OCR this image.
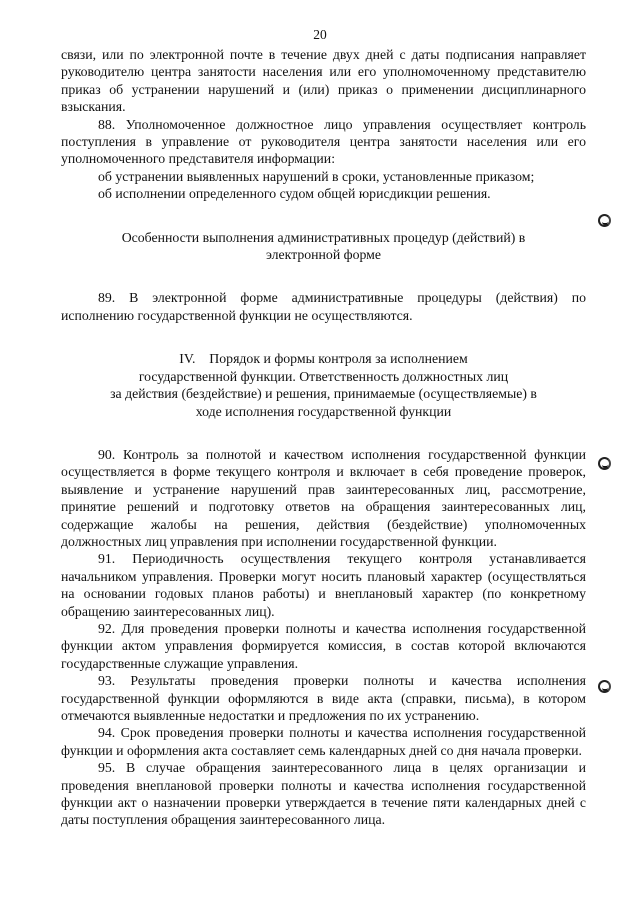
20

связи, или по электронной почте в течение двух дней с даты подписания направляет руководителю центра занятости населения или его уполномоченному представителю приказ об устранении нарушений и (или) приказ о применении дисциплинарного взыскания.

88. Уполномоченное должностное лицо управления осуществляет контроль поступления в управление от руководителя центра занятости населения или его уполномоченного представителя информации:

об устранении выявленных нарушений в сроки, установленные приказом;

об исполнении определенного судом общей юрисдикции решения.

Особенности выполнения административных процедур (действий) в

электронной форме

89. В электронной форме административные процедуры (действия) по исполнению государственной функции не осуществляются.

IV.    Порядок и формы контроля за исполнением

государственной функции. Ответственность должностных лиц

за действия (бездействие) и решения, принимаемые (осуществляемые) в

ходе исполнения государственной функции

90. Контроль за полнотой и качеством исполнения государственной функции осуществляется в форме текущего контроля и включает в себя проведение проверок, выявление и устранение нарушений прав заинтересованных лиц, рассмотрение, принятие решений и подготовку ответов на обращения заинтересованных лиц, содержащие жалобы на решения, действия (бездействие) уполномоченных должностных лиц управления при исполнении государственной функции.

91. Периодичность осуществления текущего контроля устанавливается начальником управления. Проверки могут носить плановый характер (осуществляться на основании годовых планов работы) и внеплановый характер (по конкретному обращению заинтересованных лиц).

92. Для проведения проверки полноты и качества исполнения государственной функции актом управления формируется комиссия, в состав которой включаются государственные служащие управления.

93. Результаты проведения проверки полноты и качества исполнения государственной функции оформляются в виде акта (справки, письма), в котором отмечаются выявленные недостатки и предложения по их устранению.

94. Срок проведения проверки полноты и качества исполнения государственной функции и оформления акта составляет семь календарных дней со дня начала проверки.

95. В случае обращения заинтересованного лица в целях организации и проведения внеплановой проверки полноты и качества исполнения государственной функции акт о назначении проверки утверждается в течение пяти календарных дней с даты поступления обращения заинтересованного лица.
